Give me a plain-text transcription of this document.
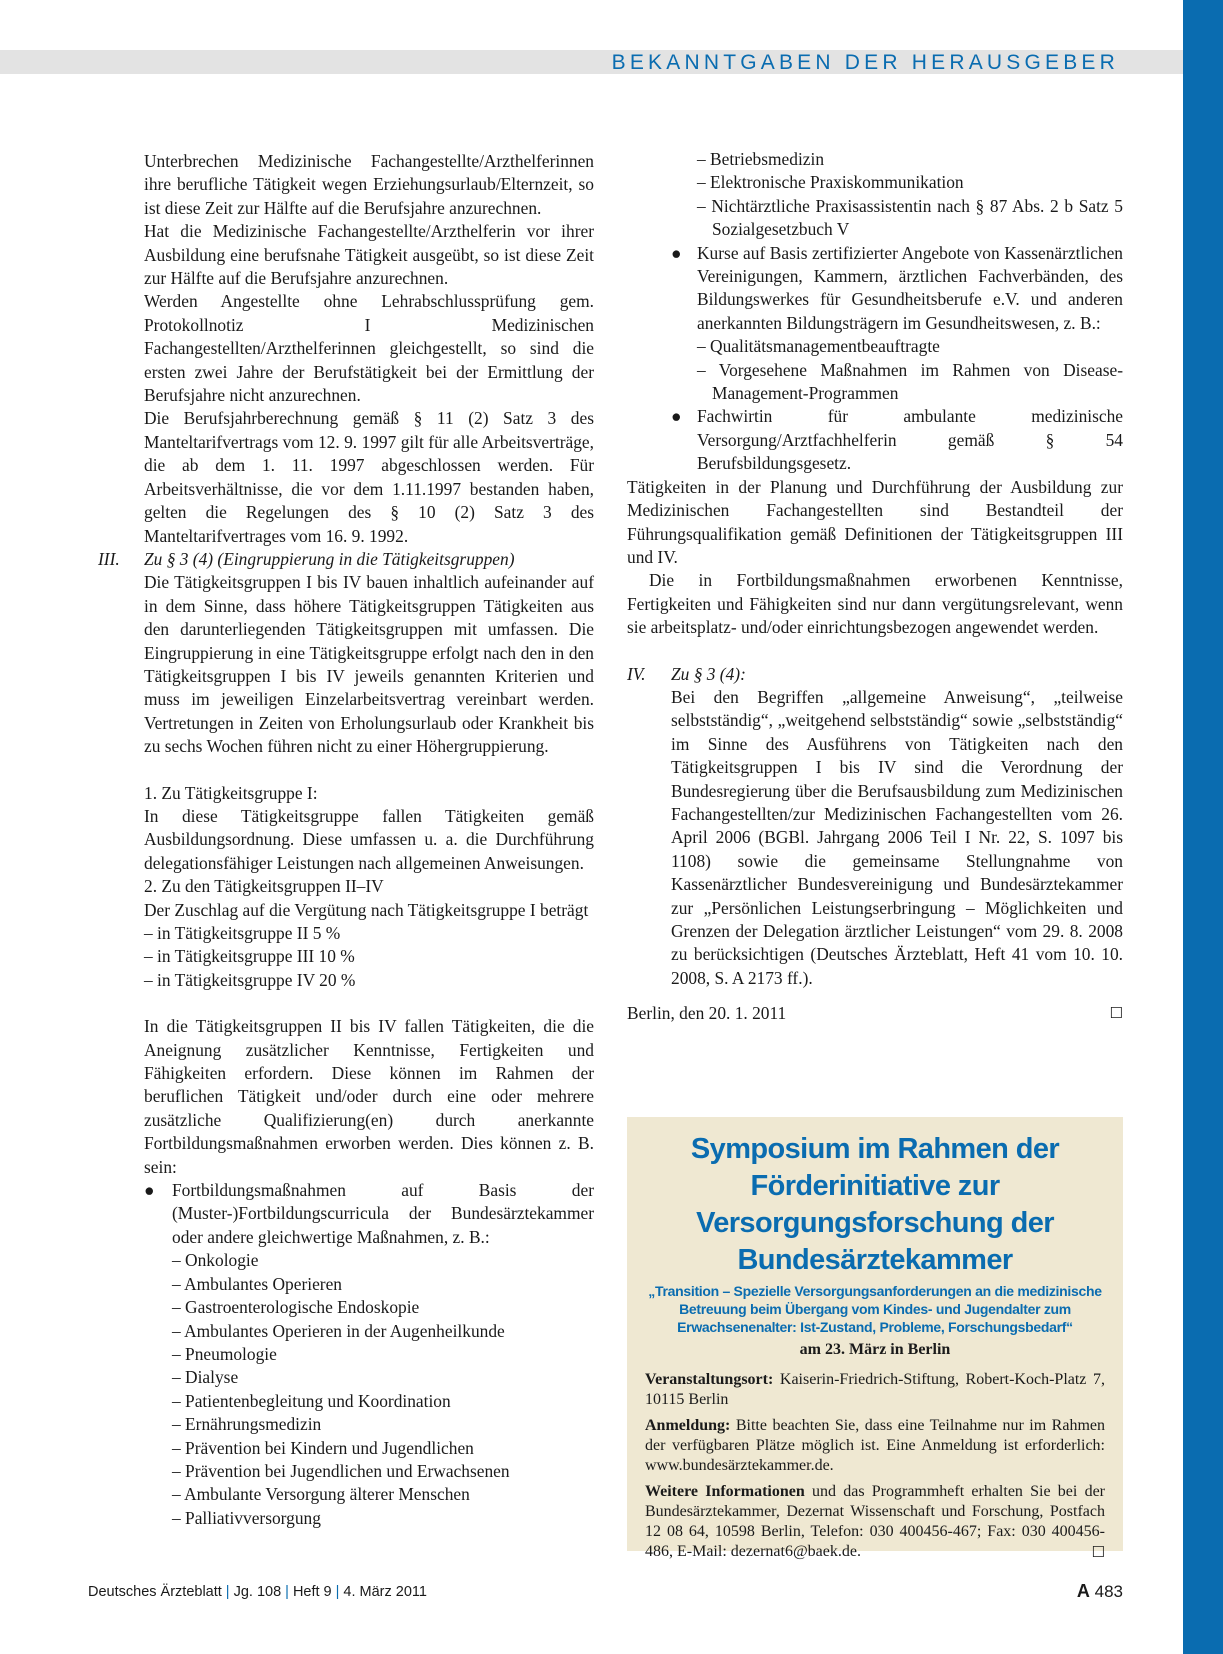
BEKANNTGABEN DER HERAUSGEBER

Unterbrechen Medizinische Fachangestellte/Arzthelferinnen ihre berufliche Tätigkeit wegen Erziehungsurlaub/Elternzeit, so ist diese Zeit zur Hälfte auf die Berufsjahre anzurechnen.

Hat die Medizinische Fachangestellte/Arzthelferin vor ihrer Ausbildung eine berufsnahe Tätigkeit ausgeübt, so ist diese Zeit zur Hälfte auf die Berufsjahre anzurechnen.

Werden Angestellte ohne Lehrabschlussprüfung gem. Protokollnotiz I Medizinischen Fachangestellten/Arzthelferinnen gleichgestellt, so sind die ersten zwei Jahre der Berufstätigkeit bei der Ermittlung der Berufsjahre nicht anzurechnen.

Die Berufsjahrberechnung gemäß § 11 (2) Satz 3 des Manteltarifvertrags vom 12. 9. 1997 gilt für alle Arbeitsverträge, die ab dem 1. 11. 1997 abgeschlossen werden. Für Arbeitsverhältnisse, die vor dem 1.11.1997 bestanden haben, gelten die Regelungen des § 10 (2) Satz 3 des Manteltarifvertrages vom 16. 9. 1992.

III. Zu § 3 (4) (Eingruppierung in die Tätigkeitsgruppen)

Die Tätigkeitsgruppen I bis IV bauen inhaltlich aufeinander auf in dem Sinne, dass höhere Tätigkeitsgruppen Tätigkeiten aus den darunterliegenden Tätigkeitsgruppen mit umfassen. Die Eingruppierung in eine Tätigkeitsgruppe erfolgt nach den in den Tätigkeitsgruppen I bis IV jeweils genannten Kriterien und muss im jeweiligen Einzelarbeitsvertrag vereinbart werden. Vertretungen in Zeiten von Erholungsurlaub oder Krankheit bis zu sechs Wochen führen nicht zu einer Höhergruppierung.

1. Zu Tätigkeitsgruppe I:

In diese Tätigkeitsgruppe fallen Tätigkeiten gemäß Ausbildungsordnung. Diese umfassen u. a. die Durchführung delegationsfähiger Leistungen nach allgemeinen Anweisungen.

2. Zu den Tätigkeitsgruppen II–IV

Der Zuschlag auf die Vergütung nach Tätigkeitsgruppe I beträgt

– in Tätigkeitsgruppe II 5 %

– in Tätigkeitsgruppe III 10 %

– in Tätigkeitsgruppe IV 20 %

In die Tätigkeitsgruppen II bis IV fallen Tätigkeiten, die die Aneignung zusätzlicher Kenntnisse, Fertigkeiten und Fähigkeiten erfordern. Diese können im Rahmen der beruflichen Tätigkeit und/oder durch eine oder mehrere zusätzliche Qualifizierung(en) durch anerkannte Fortbildungsmaßnahmen erworben werden. Dies können z. B. sein:

● Fortbildungsmaßnahmen auf Basis der (Muster-)Fortbildungscurricula der Bundesärztekammer oder andere gleichwertige Maßnahmen, z. B.:

– Onkologie

– Ambulantes Operieren

– Gastroenterologische Endoskopie

– Ambulantes Operieren in der Augenheilkunde

– Pneumologie

– Dialyse

– Patientenbegleitung und Koordination

– Ernährungsmedizin

– Prävention bei Kindern und Jugendlichen

– Prävention bei Jugendlichen und Erwachsenen

– Ambulante Versorgung älterer Menschen

– Palliativversorgung

– Betriebsmedizin

– Elektronische Praxiskommunikation

– Nichtärztliche Praxisassistentin nach § 87 Abs. 2 b Satz 5 Sozialgesetzbuch V

● Kurse auf Basis zertifizierter Angebote von Kassenärztlichen Vereinigungen, Kammern, ärztlichen Fachverbänden, des Bildungswerkes für Gesundheitsberufe e.V. und anderen anerkannten Bildungsträgern im Gesundheitswesen, z. B.:

– Qualitätsmanagementbeauftragte

– Vorgesehene Maßnahmen im Rahmen von Disease-Management-Programmen

● Fachwirtin für ambulante medizinische Versorgung/Arztfachhelferin gemäß § 54 Berufsbildungsgesetz.

Tätigkeiten in der Planung und Durchführung der Ausbildung zur Medizinischen Fachangestellten sind Bestandteil der Führungsqualifikation gemäß Definitionen der Tätigkeitsgruppen III und IV.

Die in Fortbildungsmaßnahmen erworbenen Kenntnisse, Fertigkeiten und Fähigkeiten sind nur dann vergütungsrelevant, wenn sie arbeitsplatz- und/oder einrichtungsbezogen angewendet werden.

IV. Zu § 3 (4):
Bei den Begriffen „allgemeine Anweisung“, „teilweise selbstständig“, „weitgehend selbstständig“ sowie „selbstständig“ im Sinne des Ausführens von Tätigkeiten nach den Tätigkeitsgruppen I bis IV sind die Verordnung der Bundesregierung über die Berufsausbildung zum Medizinischen Fachangestellten/zur Medizinischen Fachangestellten vom 26. April 2006 (BGBl. Jahrgang 2006 Teil I Nr. 22, S. 1097 bis 1108) sowie die gemeinsame Stellungnahme von Kassenärztlicher Bundesvereinigung und Bundesärztekammer zur „Persönlichen Leistungserbringung – Möglichkeiten und Grenzen der Delegation ärztlicher Leistungen“ vom 29. 8. 2008 zu berücksichtigen (Deutsches Ärzteblatt, Heft 41 vom 10. 10. 2008, S. A 2173 ff.).
Berlin, den 20. 1. 2011	☐

Symposium im Rahmen der Förderinitiative zur Versorgungsforschung der Bundesärztekammer

„Transition – Spezielle Versorgungsanforderungen an die medizinische Betreuung beim Übergang vom Kindes- und Jugendalter zum Erwachsenenalter: Ist-Zustand, Probleme, Forschungsbedarf“

am 23. März in Berlin

Veranstaltungsort: Kaiserin-Friedrich-Stiftung, Robert-Koch-Platz 7, 10115 Berlin

Anmeldung: Bitte beachten Sie, dass eine Teilnahme nur im Rahmen der verfügbaren Plätze möglich ist. Eine Anmeldung ist erforderlich: www.bundesärztekammer.de.

Weitere Informationen und das Programmheft erhalten Sie bei der Bundesärztekammer, Dezernat Wissenschaft und Forschung, Postfach 12 08 64, 10598 Berlin, Telefon: 030 400456-467; Fax: 030 400456-486, E-Mail: dezernat6@baek.de.	☐

Deutsches Ärzteblatt | Jg. 108 | Heft 9 | 4. März 2011	A 483
